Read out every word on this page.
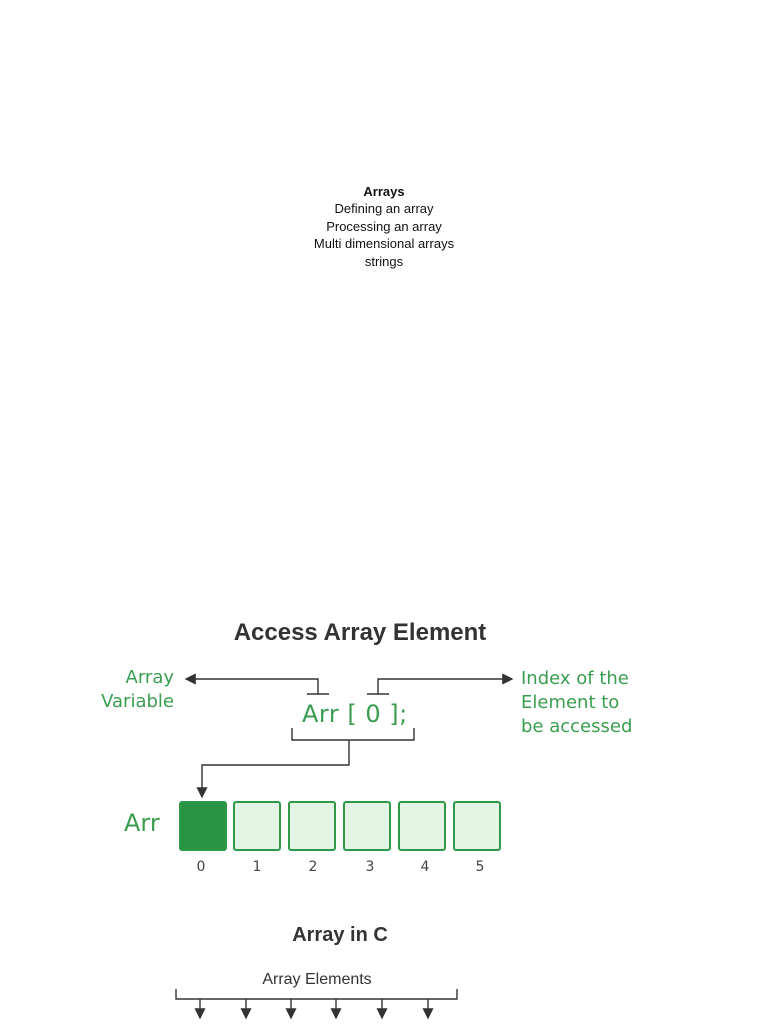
Arrays
Defining an array
Processing an array
Multi dimensional arrays
strings
Access Array Element
Array
Variable
Index of the
Element to
be accessed
Arr [ 0 ];
Arr
0	1	2	3	4	5
Array in C
Array Elements
